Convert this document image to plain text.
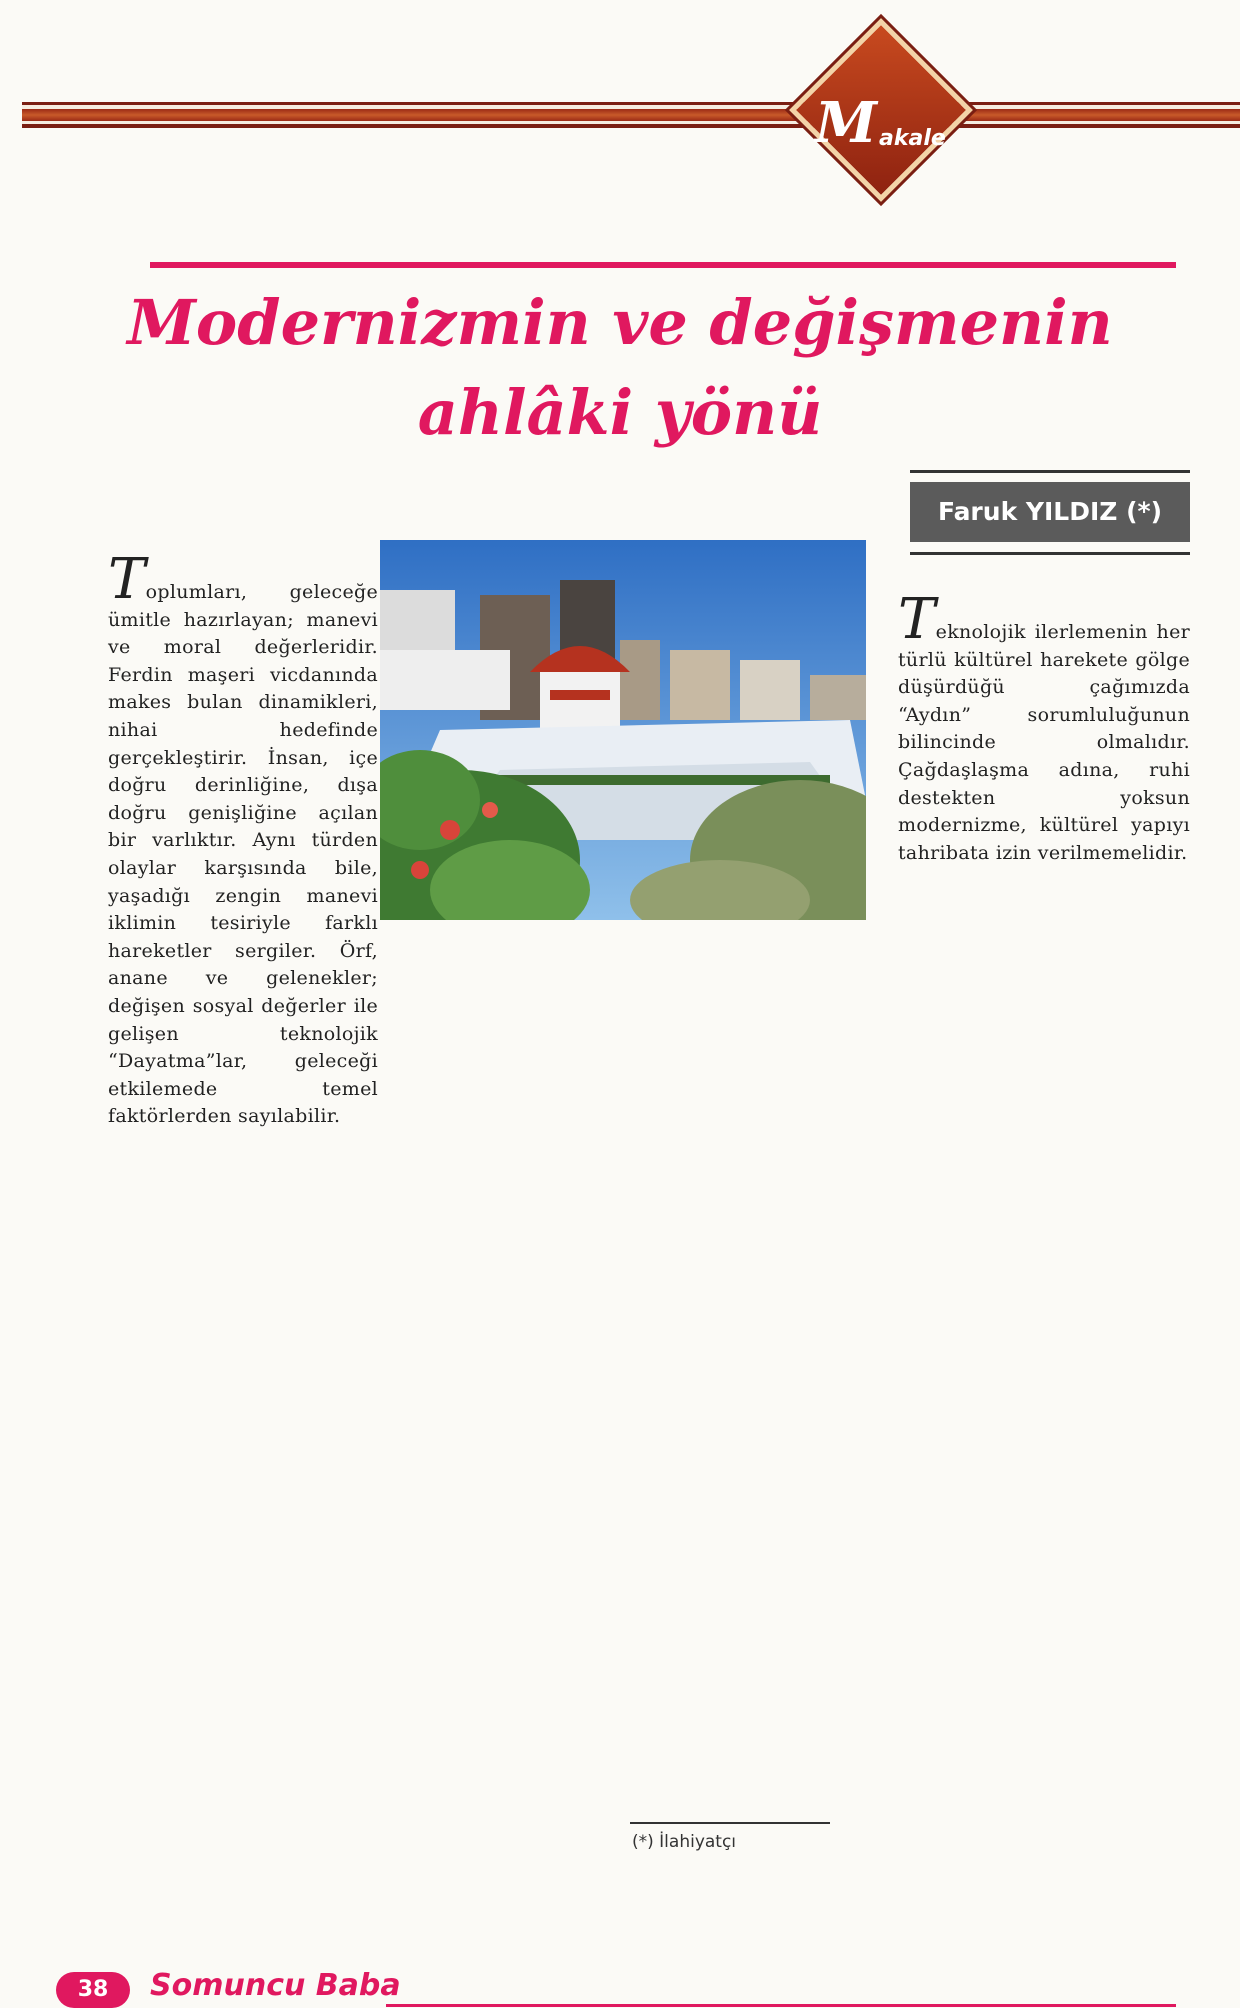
Makale
Modernizmin ve değişmenin
ahlâki yönü
Faruk YILDIZ (*)

Toplumları, geleceğe ümitle hazırlayan; manevi ve moral değerleridir. Ferdin maşeri vicdanında makes bulan dinamikleri, nihai hedefinde gerçekleştirir. İnsan, içe doğru derinliğine, dışa doğru genişliğine açılan bir varlıktır. Aynı türden olaylar karşısında bile, yaşadığı zengin manevi iklimin tesiriyle farklı hareketler sergiler. Örf, anane ve gelenekler; değişen sosyal değerler ile gelişen teknolojik “Dayatma”lar, geleceği etkilemede temel faktörlerden sayılabilir.

Teknolojik ilerlemenin her türlü kültürel harekete gölge düşürdüğü çağımızda “Aydın” sorumluluğunun bilincinde olmalıdır. Çağdaşlaşma adına, ruhi destekten yoksun modernizme, kültürel yapıyı tahribata izin verilmemelidir.

(*) İlahiyatçı
38	Somuncu Baba
